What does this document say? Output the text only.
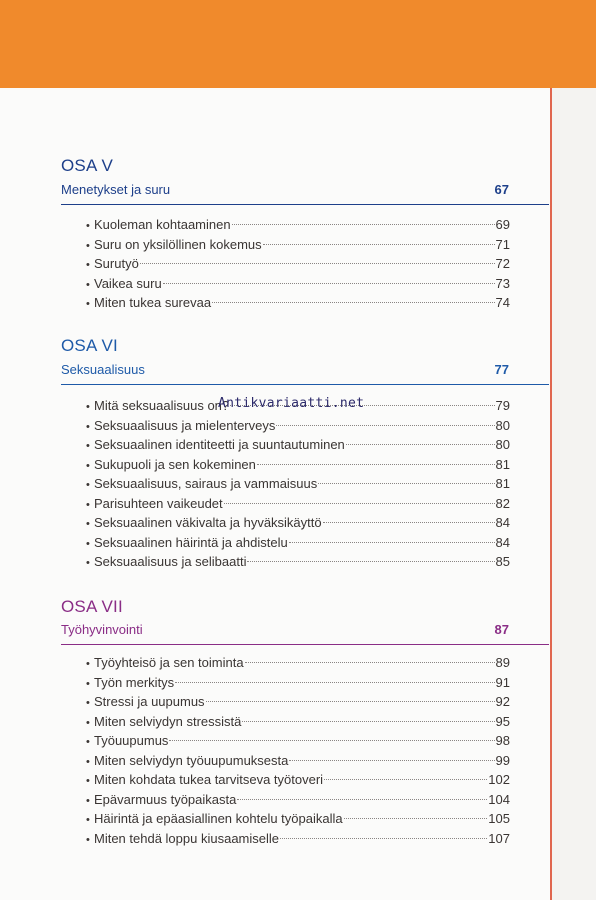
OSA V
Menetykset ja suru	67
• Kuoleman kohtaaminen	69
• Suru on yksilöllinen kokemus	71
• Surutyö	72
• Vaikea suru	73
• Miten tukea surevaa	74
OSA VI
Seksuaalisuus	77
• Mitä seksuaalisuus on?	79
• Seksuaalisuus ja mielenterveys	80
• Seksuaalinen identiteetti ja suuntautuminen	80
• Sukupuoli ja sen kokeminen	81
• Seksuaalisuus, sairaus ja vammaisuus	81
• Parisuhteen vaikeudet	82
• Seksuaalinen väkivalta ja hyväksikäyttö	84
• Seksuaalinen häirintä ja ahdistelu	84
• Seksuaalisuus ja selibaatti	85
OSA VII
Työhyvinvointi	87
• Työyhteisö ja sen toiminta	89
• Työn merkitys	91
• Stressi ja uupumus	92
• Miten selviydyn stressistä	95
• Työuupumus	98
• Miten selviydyn työuupumuksesta	99
• Miten kohdata tukea tarvitseva työtoveri	102
• Epävarmuus työpaikasta	104
• Häirintä ja epäasiallinen kohtelu työpaikalla	105
• Miten tehdä loppu kiusaamiselle	107
Antikvariaatti.net
